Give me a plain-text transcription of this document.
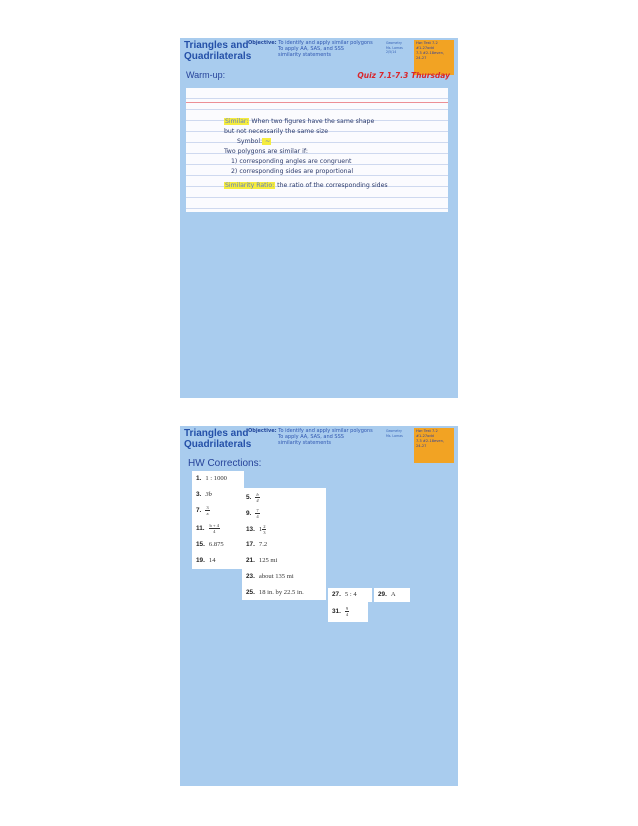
Triangles and
Quadrilaterals
Objective: To identify and apply similar polygons
To apply AA, SAS, and SSS
similarity statements
Geometry
Ms. Lomas
2/5/14
Hw: Test 7.2
#1-27odd
7.3 #2-18even,
24-27
Warm-up:	Quiz 7.1-7.3 Thursday
Similar: When two figures have the same shape
but not necessarily the same size
Symbol: ~
Two polygons are similar if:
1) corresponding angles are congruent
2) corresponding sides are proportional
Similarity Ratio: the ratio of the corresponding sides
Triangles and
Quadrilaterals
Objective: To identify and apply similar polygons
To apply AA, SAS, and SSS
similarity statements
Geometry
Ms. Lomas
Hw: Test 7.2
#1-27odd
7.3 #2-18even,
24-27
HW Corrections:
1. 1 : 1000
3. 3b
7. $\frac{3}{a}$
11. $\frac{b + 4}{4}$
15. 6.875
19. 14
5. $\frac{b}{4}$
9. $\frac{7}{4}$
13. $1 \frac{2}{3}$
17. 7.2
21. 125 mi
23. about 135 mi
25. 18 in. by 22.5 in.	27. 5 : 4
31. $\frac{9}{4}$
29. A
